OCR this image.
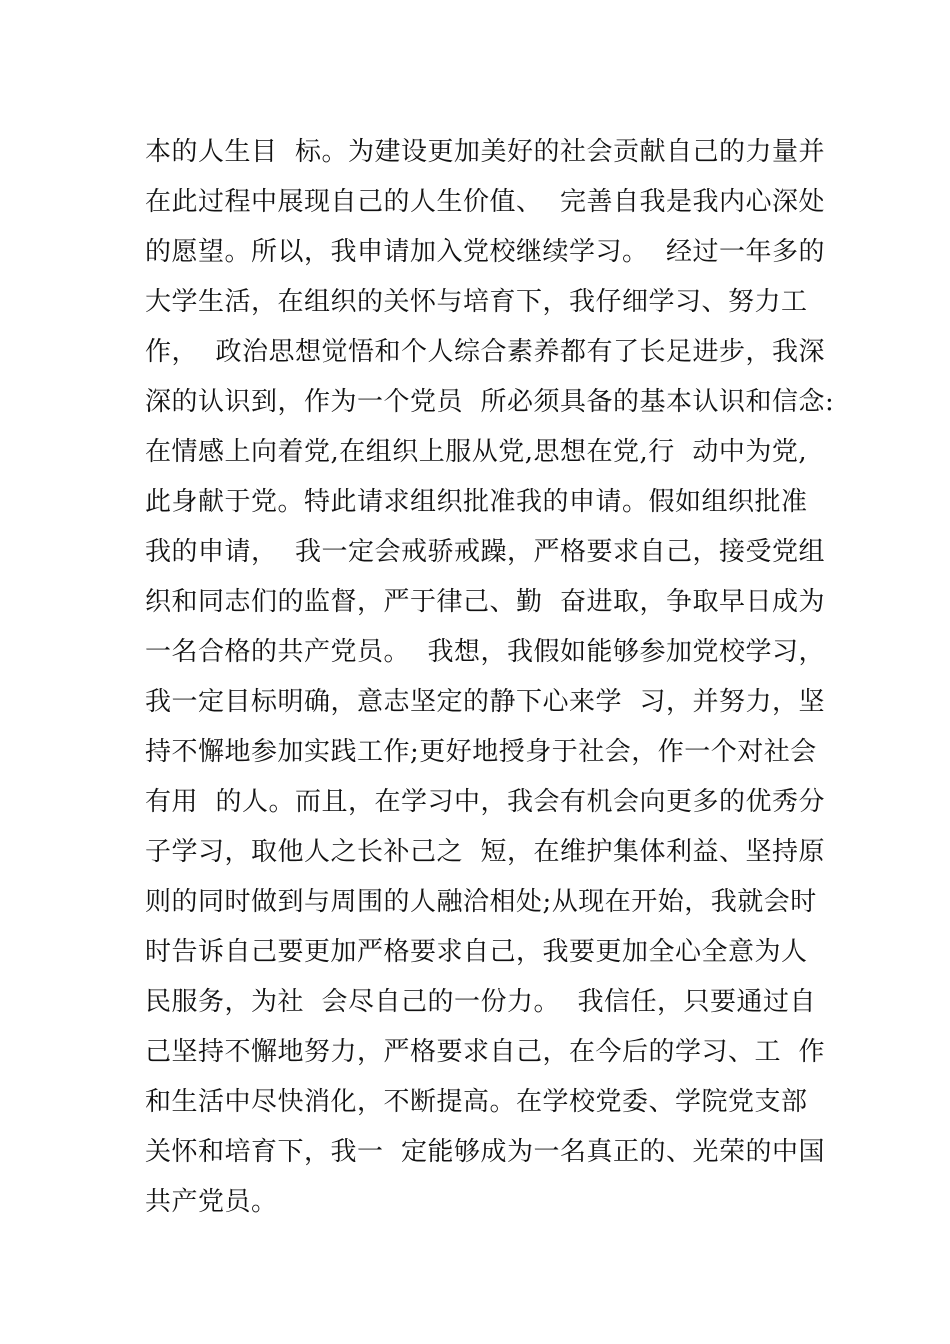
本的人生目  标。为建设更加美好的社会贡献自己的力量并
在此过程中展现自己的人生价值、  完善自我是我内心深处
的愿望。所以，我申请加入党校继续学习。  经过一年多的
大学生活，在组织的关怀与培育下，我仔细学习、努力工
作，  政治思想觉悟和个人综合素养都有了长足进步，我深
深的认识到，作为一个党员  所必须具备的基本认识和信念:
在情感上向着党,在组织上服从党,思想在党,行  动中为党,
此身献于党。特此请求组织批准我的申请。假如组织批准
我的申请，  我一定会戒骄戒躁，严格要求自己，接受党组
织和同志们的监督，严于律己、勤  奋进取，争取早日成为
一名合格的共产党员。  我想，我假如能够参加党校学习，
我一定目标明确，意志坚定的静下心来学  习，并努力，坚
持不懈地参加实践工作;更好地授身于社会，作一个对社会
有用  的人。而且，在学习中，我会有机会向更多的优秀分
子学习，取他人之长补己之  短，在维护集体利益、坚持原
则的同时做到与周围的人融洽相处;从现在开始，我就会时
时告诉自己要更加严格要求自己，我要更加全心全意为人
民服务，为社  会尽自己的一份力。  我信任，只要通过自
己坚持不懈地努力，严格要求自己，在今后的学习、工  作
和生活中尽快消化，不断提高。在学校党委、学院党支部
关怀和培育下，我一  定能够成为一名真正的、光荣的中国
共产党员。
